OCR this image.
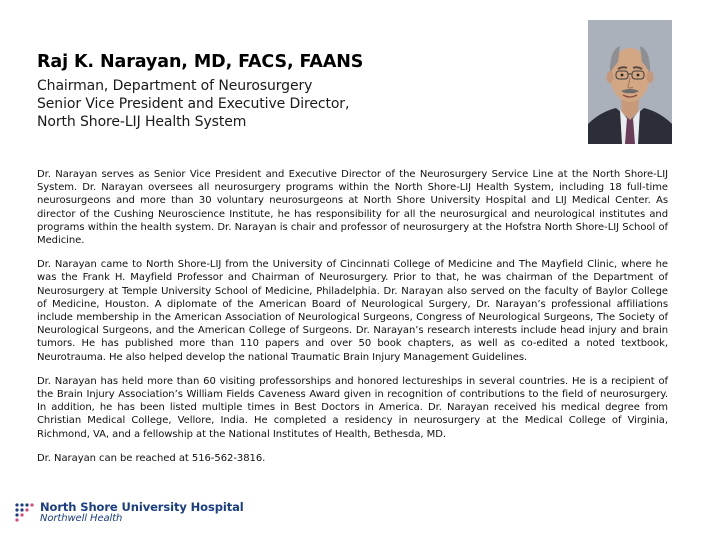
Raj K. Narayan, MD, FACS, FAANS
Chairman, Department of Neurosurgery
Senior Vice President and Executive Director,
North Shore-LIJ Health System

Dr. Narayan serves as Senior Vice President and Executive Director of the Neurosurgery Service Line at the North Shore-LIJ System. Dr. Narayan oversees all neurosurgery programs within the North Shore-LIJ Health System, including 18 full-time neurosurgeons and more than 30 voluntary neurosurgeons at North Shore University Hospital and LIJ Medical Center. As director of the Cushing Neuroscience Institute, he has responsibility for all the neurosurgical and neurological institutes and programs within the health system. Dr. Narayan is chair and professor of neurosurgery at the Hofstra North Shore-LIJ School of Medicine.

Dr. Narayan came to North Shore-LIJ from the University of Cincinnati College of Medicine and The Mayfield Clinic, where he was the Frank H. Mayfield Professor and Chairman of Neurosurgery. Prior to that, he was chairman of the Department of Neurosurgery at Temple University School of Medicine, Philadelphia. Dr. Narayan also served on the faculty of Baylor College of Medicine, Houston. A diplomate of the American Board of Neurological Surgery, Dr. Narayan’s professional affiliations include membership in the American Association of Neurological Surgeons, Congress of Neurological Surgeons, The Society of Neurological Surgeons, and the American College of Surgeons. Dr. Narayan’s research interests include head injury and brain tumors. He has published more than 110 papers and over 50 book chapters, as well as co-edited a noted textbook, Neurotrauma. He also helped develop the national Traumatic Brain Injury Management Guidelines.

Dr. Narayan has held more than 60 visiting professorships and honored lectureships in several countries. He is a recipient of the Brain Injury Association’s William Fields Caveness Award given in recognition of contributions to the field of neurosurgery. In addition, he has been listed multiple times in Best Doctors in America. Dr. Narayan received his medical degree from Christian Medical College, Vellore, India. He completed a residency in neurosurgery at the Medical College of Virginia, Richmond, VA, and a fellowship at the National Institutes of Health, Bethesda, MD.

Dr. Narayan can be reached at 516-562-3816.

North Shore University Hospital
Northwell Health
